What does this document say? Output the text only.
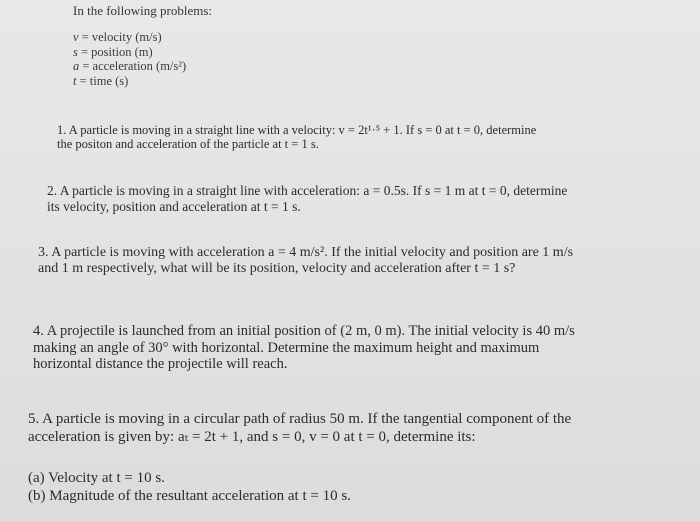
In the following problems:
v = velocity (m/s)
s = position (m)
a = acceleration (m/s²)
t = time (s)
1. A particle is moving in a straight line with a velocity: v = 2t¹·⁵ + 1. If s = 0 at t = 0, determine
the positon and acceleration of the particle at t = 1 s.
2. A particle is moving in a straight line with acceleration: a = 0.5s. If s = 1 m at t = 0, determine
its velocity, position and acceleration at t = 1 s.
3. A particle is moving with acceleration a = 4 m/s². If the initial velocity and position are 1 m/s
and 1 m respectively, what will be its position, velocity and acceleration after t = 1 s?
4. A projectile is launched from an initial position of (2 m, 0 m). The initial velocity is 40 m/s
making an angle of 30° with horizontal. Determine the maximum height and maximum
horizontal distance the projectile will reach.
5. A particle is moving in a circular path of radius 50 m. If the tangential component of the
acceleration is given by: aₜ = 2t + 1, and s = 0, v = 0 at t = 0, determine its:
(a) Velocity at t = 10 s.
(b) Magnitude of the resultant acceleration at t = 10 s.
